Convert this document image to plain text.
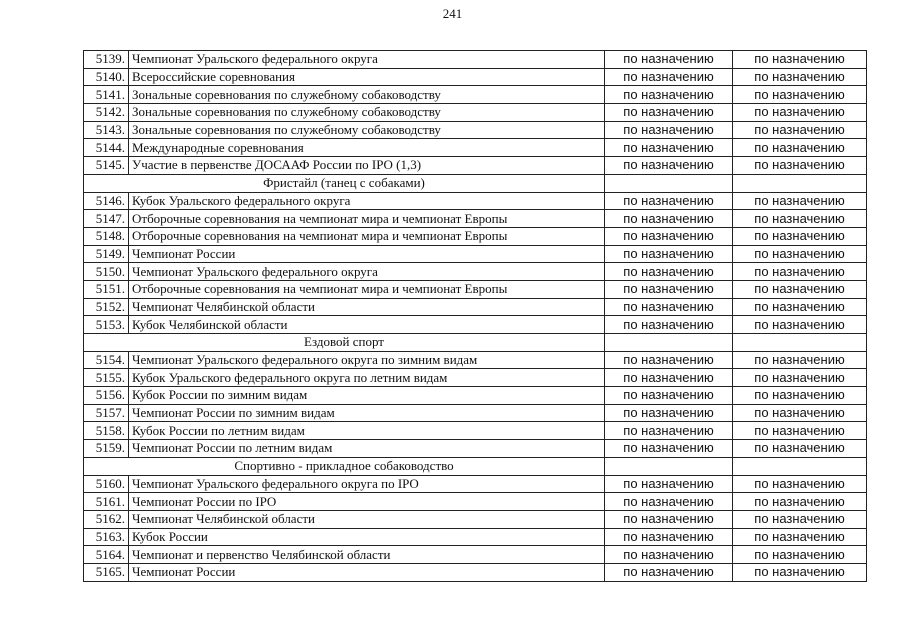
241
5139.	Чемпионат Уральского федерального округа	по назначению	по назначению
5140.	Всероссийские соревнования	по назначению	по назначению
5141.	Зональные соревнования по служебному собаководству	по назначению	по назначению
5142.	Зональные соревнования по служебному собаководству	по назначению	по назначению
5143.	Зональные соревнования по служебному собаководству	по назначению	по назначению
5144.	Международные соревнования	по назначению	по назначению
5145.	Участие в первенстве ДОСААФ России по IPO (1,3)	по назначению	по назначению
Фристайл (танец с собаками)			
5146.	Кубок Уральского федерального округа	по назначению	по назначению
5147.	Отборочные соревнования на чемпионат мира и чемпионат Европы	по назначению	по назначению
5148.	Отборочные соревнования на чемпионат мира и чемпионат Европы	по назначению	по назначению
5149.	Чемпионат России	по назначению	по назначению
5150.	Чемпионат Уральского федерального округа	по назначению	по назначению
5151.	Отборочные соревнования на чемпионат мира и чемпионат Европы	по назначению	по назначению
5152.	Чемпионат Челябинской области	по назначению	по назначению
5153.	Кубок Челябинской области	по назначению	по назначению
Ездовой спорт			
5154.	Чемпионат Уральского федерального округа по зимним видам	по назначению	по назначению
5155.	Кубок Уральского федерального округа по летним видам	по назначению	по назначению
5156.	Кубок России по зимним видам	по назначению	по назначению
5157.	Чемпионат России по зимним видам	по назначению	по назначению
5158.	Кубок России по летним видам	по назначению	по назначению
5159.	Чемпионат России по летним видам	по назначению	по назначению
Спортивно - прикладное собаководство			
5160.	Чемпионат Уральского федерального округа по IPO	по назначению	по назначению
5161.	Чемпионат России по IPO	по назначению	по назначению
5162.	Чемпионат Челябинской области	по назначению	по назначению
5163.	Кубок России	по назначению	по назначению
5164.	Чемпионат и первенство Челябинской области	по назначению	по назначению
5165.	Чемпионат России	по назначению	по назначению
